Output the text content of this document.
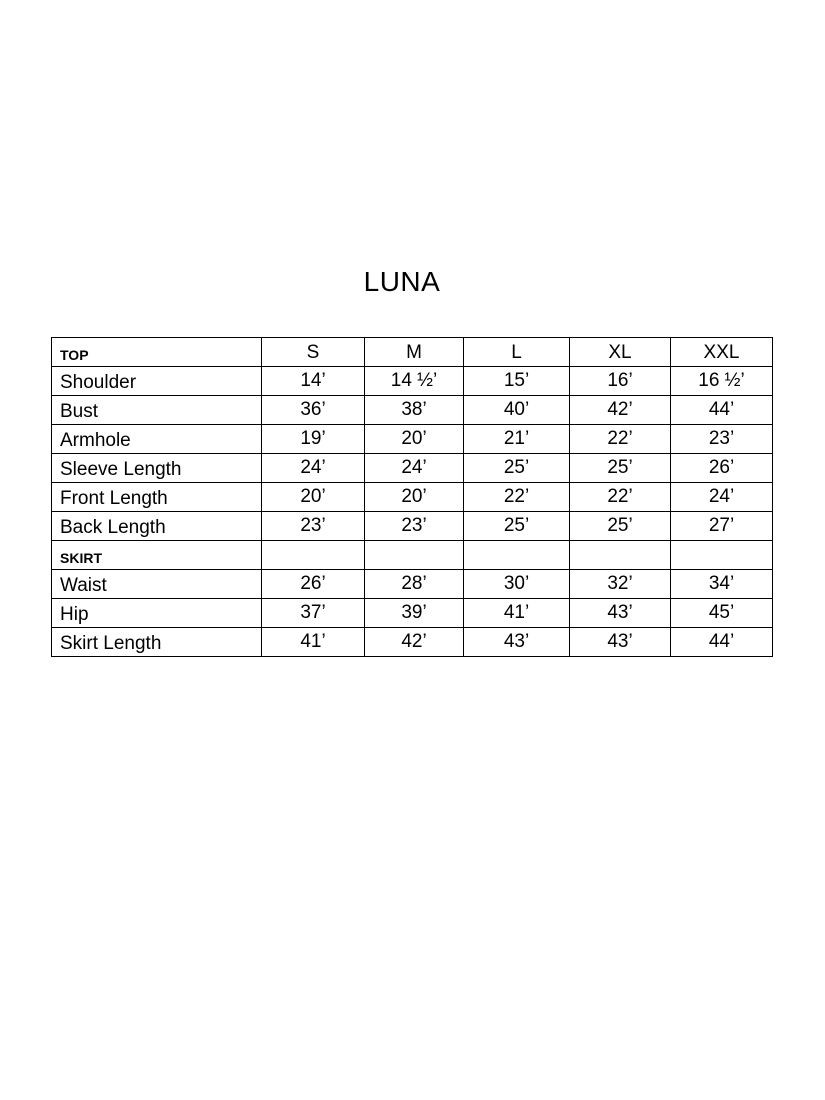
LUNA
TOP	S	M	L	XL	XXL
Shoulder	14’	14 ½’	15’	16’	16 ½’
Bust	36’	38’	40’	42’	44’
Armhole	19’	20’	21’	22’	23’
Sleeve Length	24’	24’	25’	25’	26’
Front Length	20’	20’	22’	22’	24’
Back Length	23’	23’	25’	25’	27’
SKIRT					
Waist	26’	28’	30’	32’	34’
Hip	37’	39’	41’	43’	45’
Skirt Length	41’	42’	43’	43’	44’
